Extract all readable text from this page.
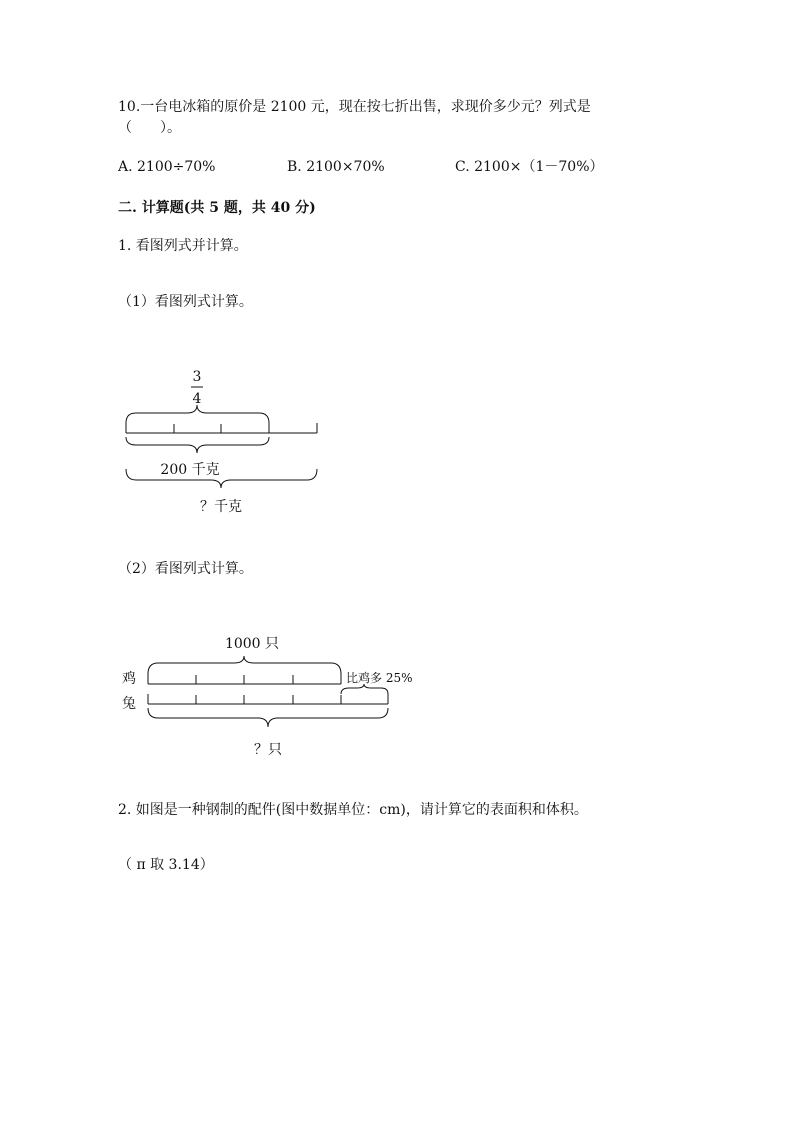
10.一台电冰箱的原价是 2100 元，现在按七折出售，求现价多少元？列式是
（　　）。
A. 2100÷70%	B. 2100×70%	C. 2100×（1－70%）
二. 计算题(共 5 题，共 40 分)
1. 看图列式并计算。
（1）看图列式计算。
3
4
200 千克
？千克
1000 只
鸡	比鸡多 25%
兔
？只
（2）看图列式计算。
2. 如图是一种钢制的配件(图中数据单位：cm)，请计算它的表面积和体积。
（ π 取 3.14）
